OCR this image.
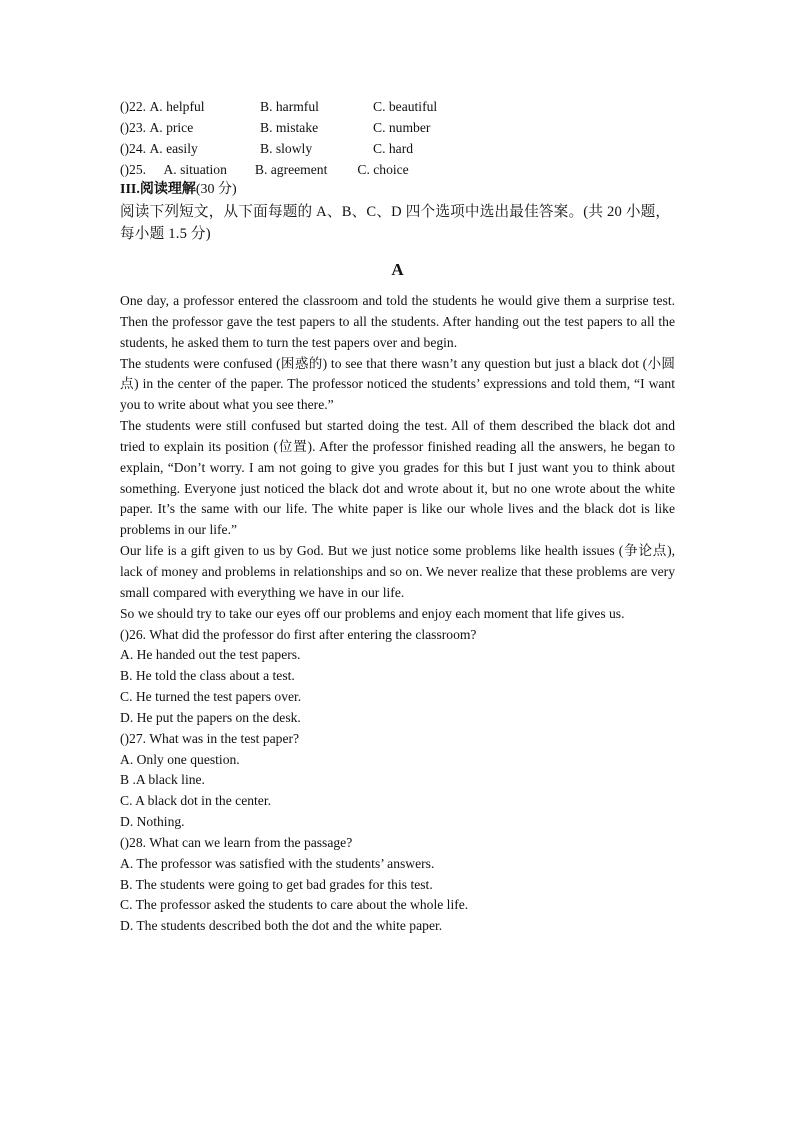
()22. A. helpful	B. harmful	C. beautiful
()23. A. price	B. mistake	C. number
()24. A. easily	B. slowly	C. hard
()25. A. situation	B. agreement C. choice
III.阅读理解(30 分)
阅读下列短文，从下面每题的 A、B、C、D 四个选项中选出最佳答案。(共 20 小题，每小题 1.5 分)
A
One day, a professor entered the classroom and told the students he would give them a surprise test. Then the professor gave the test papers to all the students. After handing out the test papers to all the students, he asked them to turn the test papers over and begin.
The students were confused (困惑的) to see that there wasn’t any question but just a black dot (小圆点) in the center of the paper. The professor noticed the students’ expressions and told them, “I want you to write about what you see there.”
The students were still confused but started doing the test. All of them described the black dot and tried to explain its position (位置). After the professor finished reading all the answers, he began to explain, “Don’t worry. I am not going to give you grades for this but I just want you to think about something. Everyone just noticed the black dot and wrote about it, but no one wrote about the white paper. It’s the same with our life. The white paper is like our whole lives and the black dot is like problems in our life.”
Our life is a gift given to us by God. But we just notice some problems like health issues (争论点), lack of money and problems in relationships and so on. We never realize that these problems are very small compared with everything we have in our life.
So we should try to take our eyes off our problems and enjoy each moment that life gives us.
()26. What did the professor do first after entering the classroom?
A. He handed out the test papers.
B. He told the class about a test.
C. He turned the test papers over.
D. He put the papers on the desk.
()27. What was in the test paper?
A. Only one question.
B .A black line.
C. A black dot in the center.
D. Nothing.
()28. What can we learn from the passage?
A. The professor was satisfied with the students’ answers.
B. The students were going to get bad grades for this test.
C. The professor asked the students to care about the whole life.
D. The students described both the dot and the white paper.
